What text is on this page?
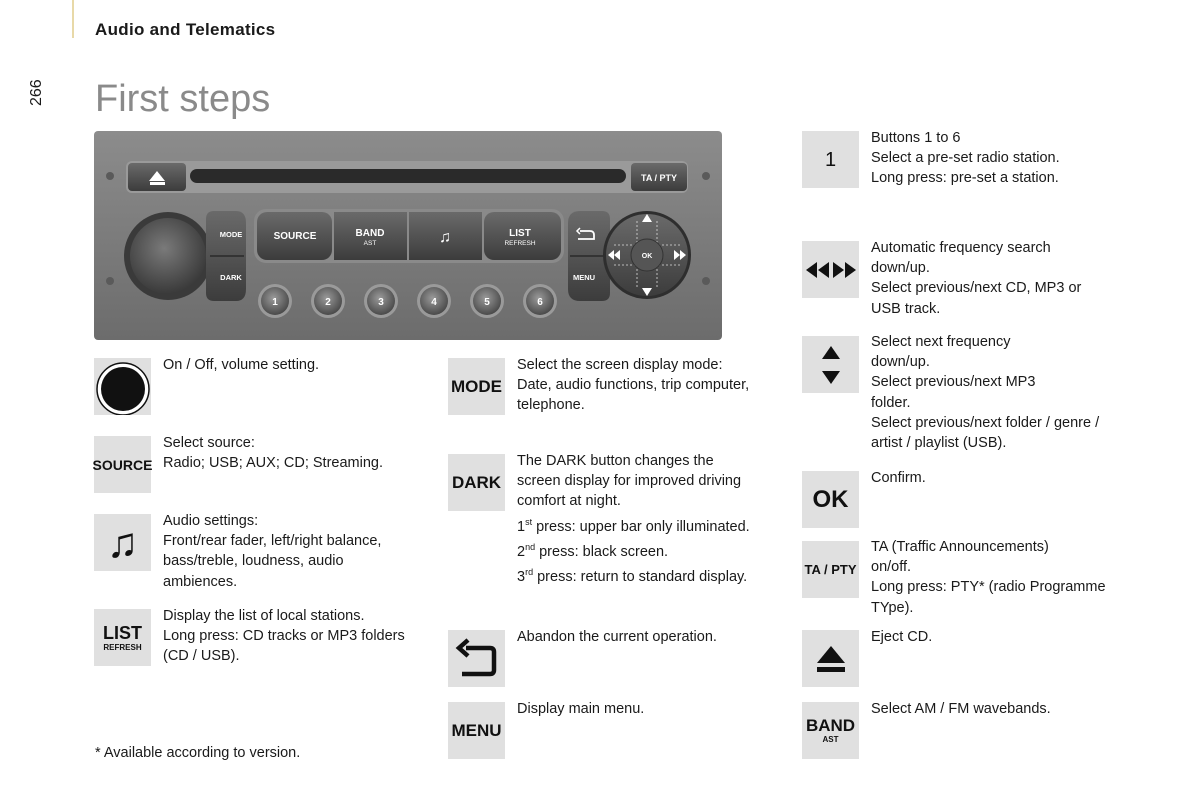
Audio and Telematics
266 First steps
TA / PTY
MODE
DARK
SOURCE	BAND
AST	♫	LIST
REFRESH
MENU
OK
1	2	3	4	5	6

On / Off, volume setting.

SOURCE

Select source:

Radio; USB; AUX; CD; Streaming.

♫ Audio settings:

Front/rear fader, left/right balance,

bass/treble, loudness, audio

ambiences.

LIST
REFRESH

Display the list of local stations.

Long press: CD tracks or MP3 folders

(CD / USB).

MODE

Select the screen display mode:

Date, audio functions, trip computer,

telephone.

DARK

The DARK button changes the

screen display for improved driving

comfort at night.

1st press: upper bar only illuminated.

2nd press: black screen.

3rd press: return to standard display.

Abandon the current operation.

MENU

Display main menu.

1

Buttons 1 to 6

Select a pre-set radio station.

Long press: pre-set a station.

Automatic frequency search

down/up.

Select previous/next CD, MP3 or

USB track.

Select next frequency

down/up.

Select previous/next MP3

folder.

Select previous/next folder / genre /

artist / playlist (USB).

OK

Confirm.

TA / PTY

TA (Traffic Announcements)

on/off.

Long press: PTY* (radio Programme

TYpe).

Eject CD.

BAND
AST

Select AM / FM wavebands.

* Available according to version.
